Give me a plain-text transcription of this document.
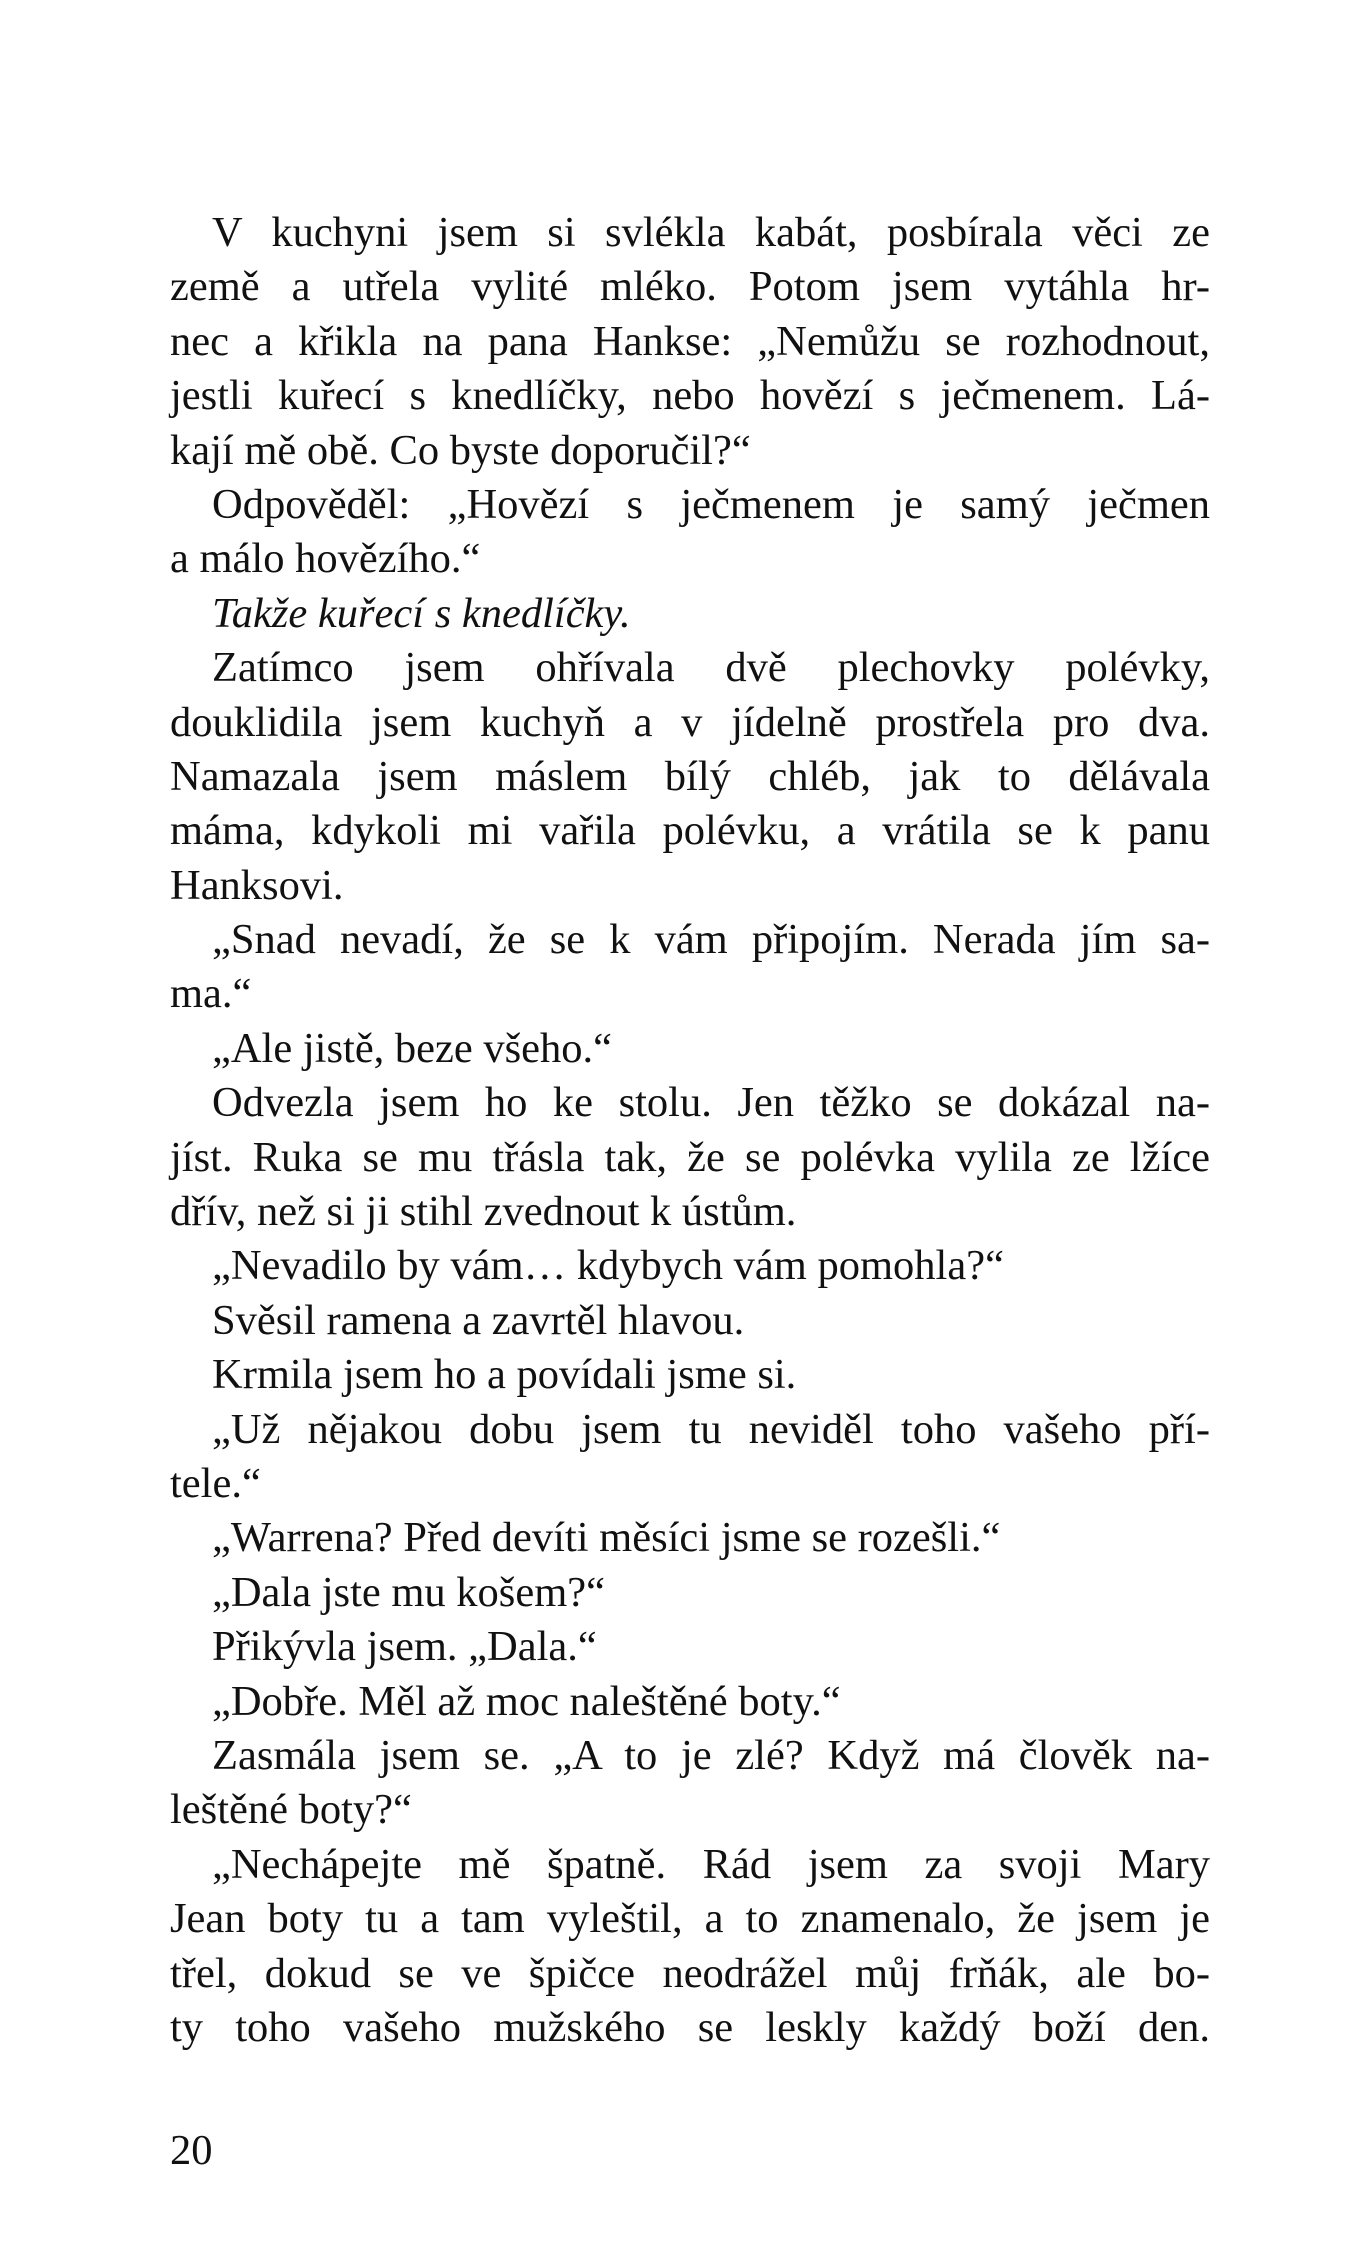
V kuchyni jsem si svlékla kabát, posbírala věci ze
země a utřela vylité mléko. Potom jsem vytáhla hr-
nec a křikla na pana Hankse: „Nemůžu se rozhodnout,
jestli kuřecí s knedlíčky, nebo hovězí s ječmenem. Lá-
kají mě obě. Co byste doporučil?“
Odpověděl: „Hovězí s ječmenem je samý ječmen
a málo hovězího.“
Takže kuřecí s knedlíčky.
Zatímco jsem ohřívala dvě plechovky polévky,
douklidila jsem kuchyň a v jídelně prostřela pro dva.
Namazala jsem máslem bílý chléb, jak to dělávala
máma, kdykoli mi vařila polévku, a vrátila se k panu
Hanksovi.
„Snad nevadí, že se k vám připojím. Nerada jím sa-
ma.“
„Ale jistě, beze všeho.“
Odvezla jsem ho ke stolu. Jen těžko se dokázal na-
jíst. Ruka se mu třásla tak, že se polévka vylila ze lžíce
dřív, než si ji stihl zvednout k ústům.
„Nevadilo by vám… kdybych vám pomohla?“
Svěsil ramena a zavrtěl hlavou.
Krmila jsem ho a povídali jsme si.
„Už nějakou dobu jsem tu neviděl toho vašeho pří-
tele.“
„Warrena? Před devíti měsíci jsme se rozešli.“
„Dala jste mu košem?“
Přikývla jsem. „Dala.“
„Dobře. Měl až moc naleštěné boty.“
Zasmála jsem se. „A to je zlé? Když má člověk na-
leštěné boty?“
„Nechápejte mě špatně. Rád jsem za svoji Mary
Jean boty tu a tam vyleštil, a to znamenalo, že jsem je
třel, dokud se ve špičce neodrážel můj frňák, ale bo-
ty toho vašeho mužského se leskly každý boží den.
20
